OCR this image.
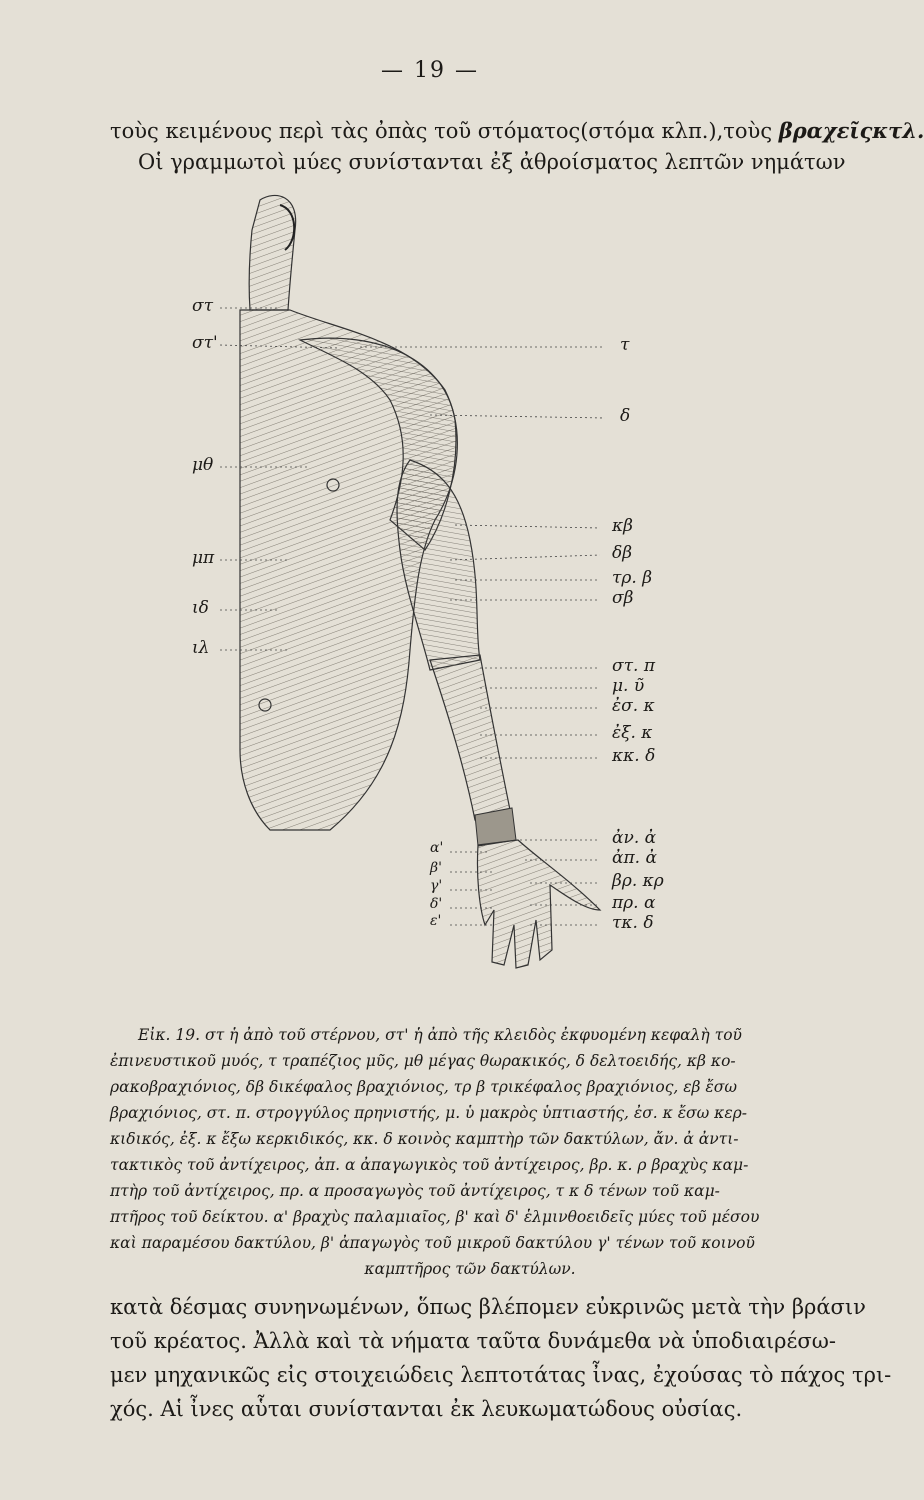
— 19 —
τοὺς κειμένους περὶ τὰς ὀπὰς τοῦ στόματος(στόμα κλπ.),τοὺς βραχεῖςκτλ.
Οἱ γραμμωτοὶ μύες συνίστανται ἐξ ἀθροίσματος λεπτῶν νημάτων
στ
στ'
μθ
μπ
ιδ
ιλ
τ
δ
κβ
δβ
τρ. β
σβ
στ. π
μ. ῦ
ἐσ. κ
ἐξ. κ
κκ. δ
ἀν. ἀ
ἀπ. ἀ
βρ. κρ
πρ. α
τκ. δ
α'
β'
γ'
δ'
ε'

Εἰκ. 19. στ ἡ ἀπὸ τοῦ στέρνου, στ' ἡ ἀπὸ τῆς κλειδὸς ἐκφυομένη κεφαλὴ τοῦ

ἐπινευστικοῦ μυός, τ τραπέζιος μῦς, μθ μέγας θωρακικός, δ δελτοειδής, κβ κο-

ρακοβραχιόνιος, δβ δικέφαλος βραχιόνιος, τρ β τρικέφαλος βραχιόνιος, εβ ἔσω

βραχιόνιος, στ. π. στρογγύλος πρηνιστής, μ. ὑ μακρὸς ὑπτιαστής, ἐσ. κ ἔσω κερ-

κιδικός, ἐξ. κ ἔξω κερκιδικός, κκ. δ κοινὸς καμπτὴρ τῶν δακτύλων, ἄν. ἀ ἀντι-

τακτικὸς τοῦ ἀντίχειρος, ἀπ. α ἀπαγωγικὸς τοῦ ἀντίχειρος, βρ. κ. ρ βραχὺς καμ-

πτὴρ τοῦ ἀντίχειρος, πρ. α προσαγωγὸς τοῦ ἀντίχειρος, τ κ δ τένων τοῦ καμ-

πτῆρος τοῦ δείκτου. α' βραχὺς παλαμιαῖος, β' καὶ δ' ἑλμινθοειδεῖς μύες τοῦ μέσου

καὶ παραμέσου δακτύλου, β' ἀπαγωγὸς τοῦ μικροῦ δακτύλου γ' τένων τοῦ κοινοῦ

καμπτῆρος τῶν δακτύλων.

κατὰ δέσμας συνηνωμένων, ὅπως βλέπομεν εὐκρινῶς μετὰ τὴν βράσιν

τοῦ κρέατος. Ἀλλὰ καὶ τὰ νήματα ταῦτα δυνάμεθα νὰ ὑποδιαιρέσω-

μεν μηχανικῶς εἰς στοιχειώδεις λεπτοτάτας ἶνας, ἐχούσας τὸ πάχος τρι-

χός. Αἱ ἶνες αὗται συνίστανται ἐκ λευκωματώδους οὐσίας.
